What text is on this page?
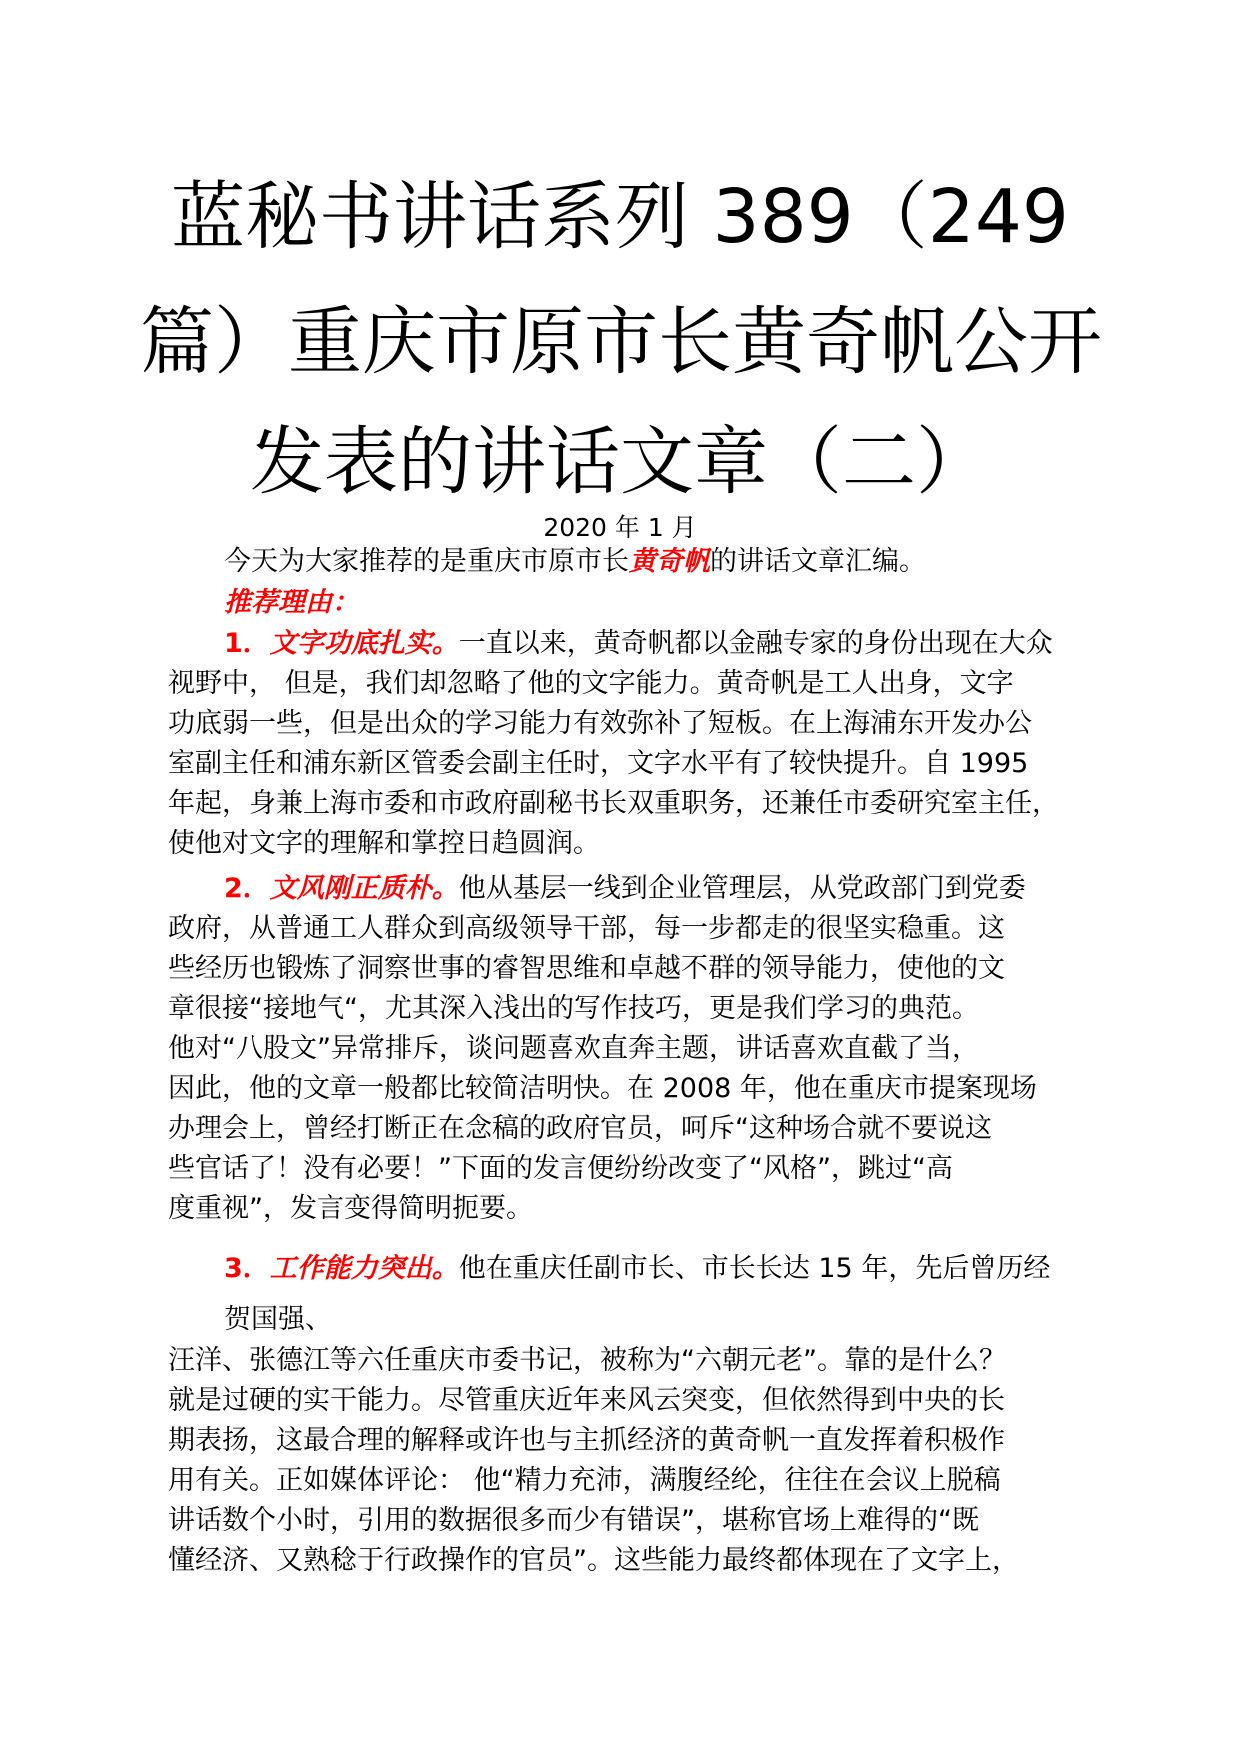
蓝秘书讲话系列 389（249
篇）重庆市原市长黄奇帆公开
发表的讲话文章（二）
2020 年 1 月
今天为大家推荐的是重庆市原市长黄奇帆的讲话文章汇编。
推荐理由：
1．文字功底扎实。一直以来，黄奇帆都以金融专家的身份出现在大众
视野中， 但是，我们却忽略了他的文字能力。黄奇帆是工人出身，文字
功底弱一些，但是出众的学习能力有效弥补了短板。在上海浦东开发办公
室副主任和浦东新区管委会副主任时，文字水平有了较快提升。自 1995
年起，身兼上海市委和市政府副秘书长双重职务，还兼任市委研究室主任，
使他对文字的理解和掌控日趋圆润。
2．文风刚正质朴。他从基层一线到企业管理层，从党政部门到党委
政府，从普通工人群众到高级领导干部，每一步都走的很坚实稳重。这
些经历也锻炼了洞察世事的睿智思维和卓越不群的领导能力，使他的文
章很接“接地气“，尤其深入浅出的写作技巧，更是我们学习的典范。
他对“八股文”异常排斥，谈问题喜欢直奔主题，讲话喜欢直截了当，
因此，他的文章一般都比较简洁明快。在 2008 年，他在重庆市提案现场
办理会上，曾经打断正在念稿的政府官员，呵斥“这种场合就不要说这
些官话了！没有必要！”下面的发言便纷纷改变了“风格”，跳过“高
度重视”，发言变得简明扼要。
3．工作能力突出。他在重庆任副市长、市长长达 15 年，先后曾历经
贺国强、
汪洋、张德江等六任重庆市委书记，被称为“六朝元老”。靠的是什么？
就是过硬的实干能力。尽管重庆近年来风云突变，但依然得到中央的长
期表扬，这最合理的解释或许也与主抓经济的黄奇帆一直发挥着积极作
用有关。正如媒体评论： 他“精力充沛，满腹经纶，往往在会议上脱稿
讲话数个小时，引用的数据很多而少有错误”，堪称官场上难得的“既
懂经济、又熟稔于行政操作的官员”。这些能力最终都体现在了文字上，
